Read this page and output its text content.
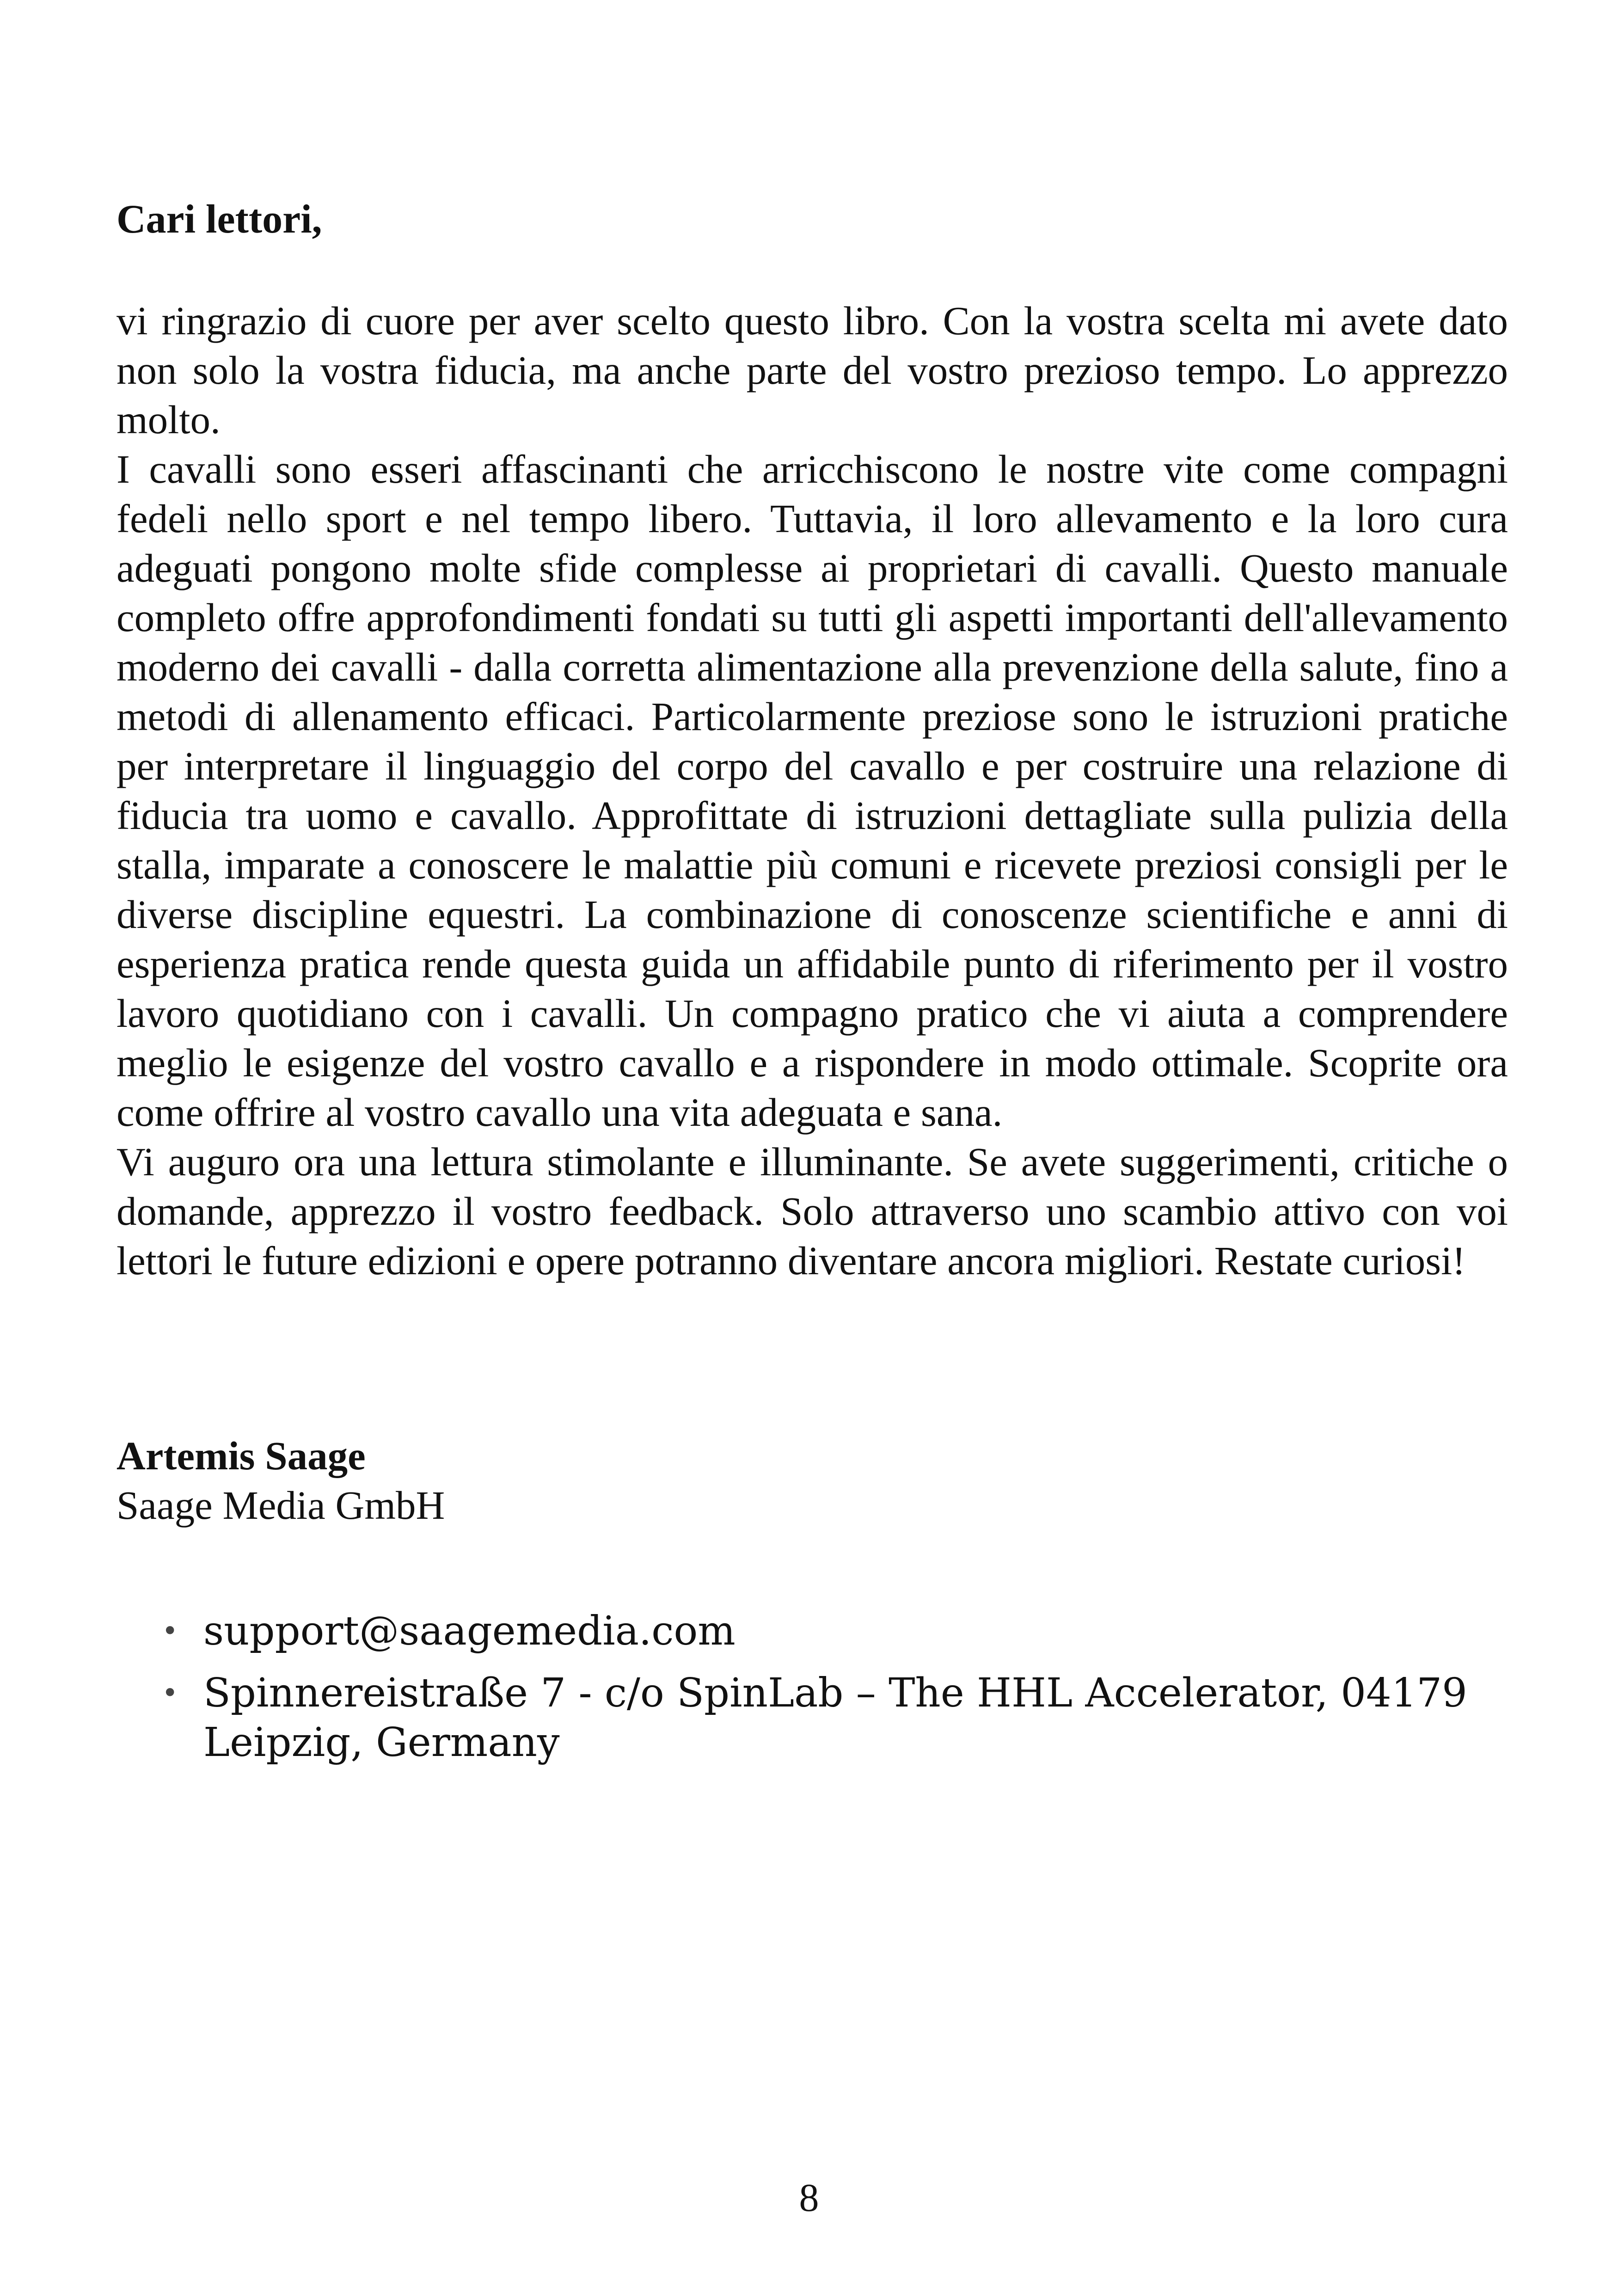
Cari lettori,

vi ringrazio di cuore per aver scelto questo libro. Con la vostra scelta mi avete dato non solo la vostra fiducia, ma anche parte del vostro prezioso tempo. Lo apprezzo molto.

I cavalli sono esseri affascinanti che arricchiscono le nostre vite come compagni fedeli nello sport e nel tempo libero. Tuttavia, il loro allevamento e la loro cura adeguati pongono molte sfide complesse ai proprietari di cavalli. Questo manuale completo offre approfondimenti fondati su tutti gli aspetti importanti dell'allevamento moderno dei cavalli - dalla corretta alimentazione alla prevenzione della salute, fino a metodi di allenamento efficaci. Particolarmente preziose sono le istruzioni pratiche per interpretare il linguaggio del corpo del cavallo e per costruire una relazione di fiducia tra uomo e cavallo. Approfittate di istruzioni dettagliate sulla pulizia della stalla, imparate a conoscere le malattie più comuni e ricevete preziosi consigli per le diverse discipline equestri. La combinazione di conoscenze scientifiche e anni di esperienza pratica rende questa guida un affidabile punto di riferimento per il vostro lavoro quotidiano con i cavalli. Un compagno pratico che vi aiuta a comprendere meglio le esigenze del vostro cavallo e a rispondere in modo ottimale. Scoprite ora come offrire al vostro cavallo una vita adeguata e sana.

Vi auguro ora una lettura stimolante e illuminante. Se avete suggerimenti, critiche o domande, apprezzo il vostro feedback. Solo attraverso uno scambio attivo con voi lettori le future edizioni e opere potranno diventare ancora migliori. Restate curiosi!

Artemis Saage
Saage Media GmbH
• support@saagemedia.com
• Spinnereistraße 7 - c/o SpinLab – The HHL Accelerator, 04179 Leipzig, Germany
8
